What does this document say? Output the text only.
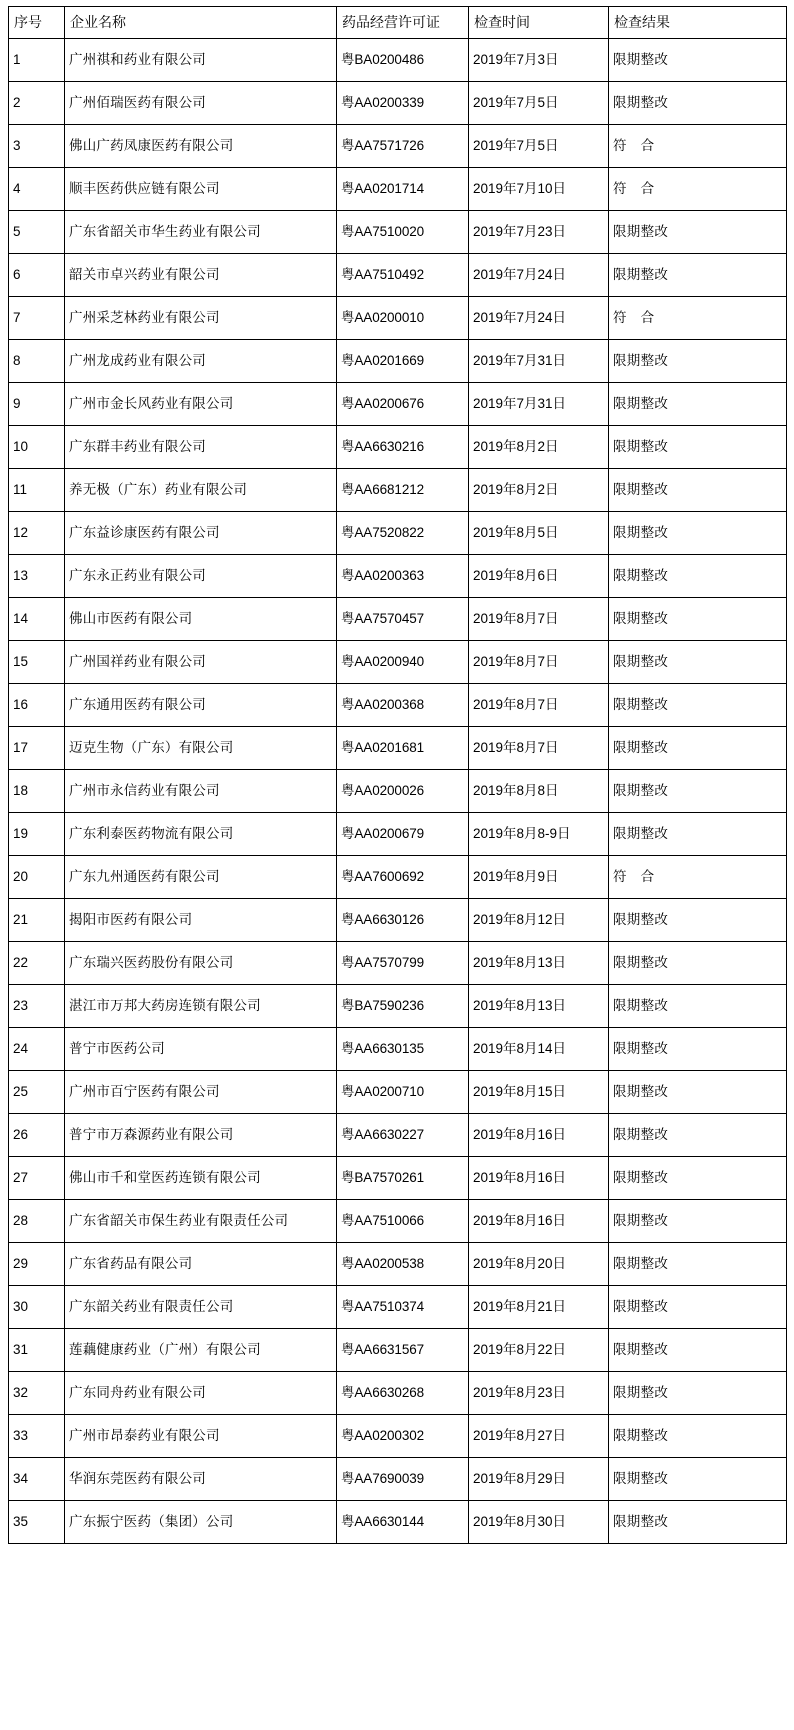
序号	企业名称	药品经营许可证	检查时间	检查结果
1	广州祺和药业有限公司	粤BA0200486	2019年7月3日	限期整改
2	广州佰瑞医药有限公司	粤AA0200339	2019年7月5日	限期整改
3	佛山广药凤康医药有限公司	粤AA7571726	2019年7月5日	符　合
4	顺丰医药供应链有限公司	粤AA0201714	2019年7月10日	符　合
5	广东省韶关市华生药业有限公司	粤AA7510020	2019年7月23日	限期整改
6	韶关市卓兴药业有限公司	粤AA7510492	2019年7月24日	限期整改
7	广州采芝林药业有限公司	粤AA0200010	2019年7月24日	符　合
8	广州龙成药业有限公司	粤AA0201669	2019年7月31日	限期整改
9	广州市金长风药业有限公司	粤AA0200676	2019年7月31日	限期整改
10	广东群丰药业有限公司	粤AA6630216	2019年8月2日	限期整改
11	养无极（广东）药业有限公司	粤AA6681212	2019年8月2日	限期整改
12	广东益诊康医药有限公司	粤AA7520822	2019年8月5日	限期整改
13	广东永正药业有限公司	粤AA0200363	2019年8月6日	限期整改
14	佛山市医药有限公司	粤AA7570457	2019年8月7日	限期整改
15	广州国祥药业有限公司	粤AA0200940	2019年8月7日	限期整改
16	广东通用医药有限公司	粤AA0200368	2019年8月7日	限期整改
17	迈克生物（广东）有限公司	粤AA0201681	2019年8月7日	限期整改
18	广州市永信药业有限公司	粤AA0200026	2019年8月8日	限期整改
19	广东利泰医药物流有限公司	粤AA0200679	2019年8月8-9日	限期整改
20	广东九州通医药有限公司	粤AA7600692	2019年8月9日	符　合
21	揭阳市医药有限公司	粤AA6630126	2019年8月12日	限期整改
22	广东瑞兴医药股份有限公司	粤AA7570799	2019年8月13日	限期整改
23	湛江市万邦大药房连锁有限公司	粤BA7590236	2019年8月13日	限期整改
24	普宁市医药公司	粤AA6630135	2019年8月14日	限期整改
25	广州市百宁医药有限公司	粤AA0200710	2019年8月15日	限期整改
26	普宁市万森源药业有限公司	粤AA6630227	2019年8月16日	限期整改
27	佛山市千和堂医药连锁有限公司	粤BA7570261	2019年8月16日	限期整改
28	广东省韶关市保生药业有限责任公司	粤AA7510066	2019年8月16日	限期整改
29	广东省药品有限公司	粤AA0200538	2019年8月20日	限期整改
30	广东韶关药业有限责任公司	粤AA7510374	2019年8月21日	限期整改
31	莲藕健康药业（广州）有限公司	粤AA6631567	2019年8月22日	限期整改
32	广东同舟药业有限公司	粤AA6630268	2019年8月23日	限期整改
33	广州市昂泰药业有限公司	粤AA0200302	2019年8月27日	限期整改
34	华润东莞医药有限公司	粤AA7690039	2019年8月29日	限期整改
35	广东振宁医药（集团）公司	粤AA6630144	2019年8月30日	限期整改
